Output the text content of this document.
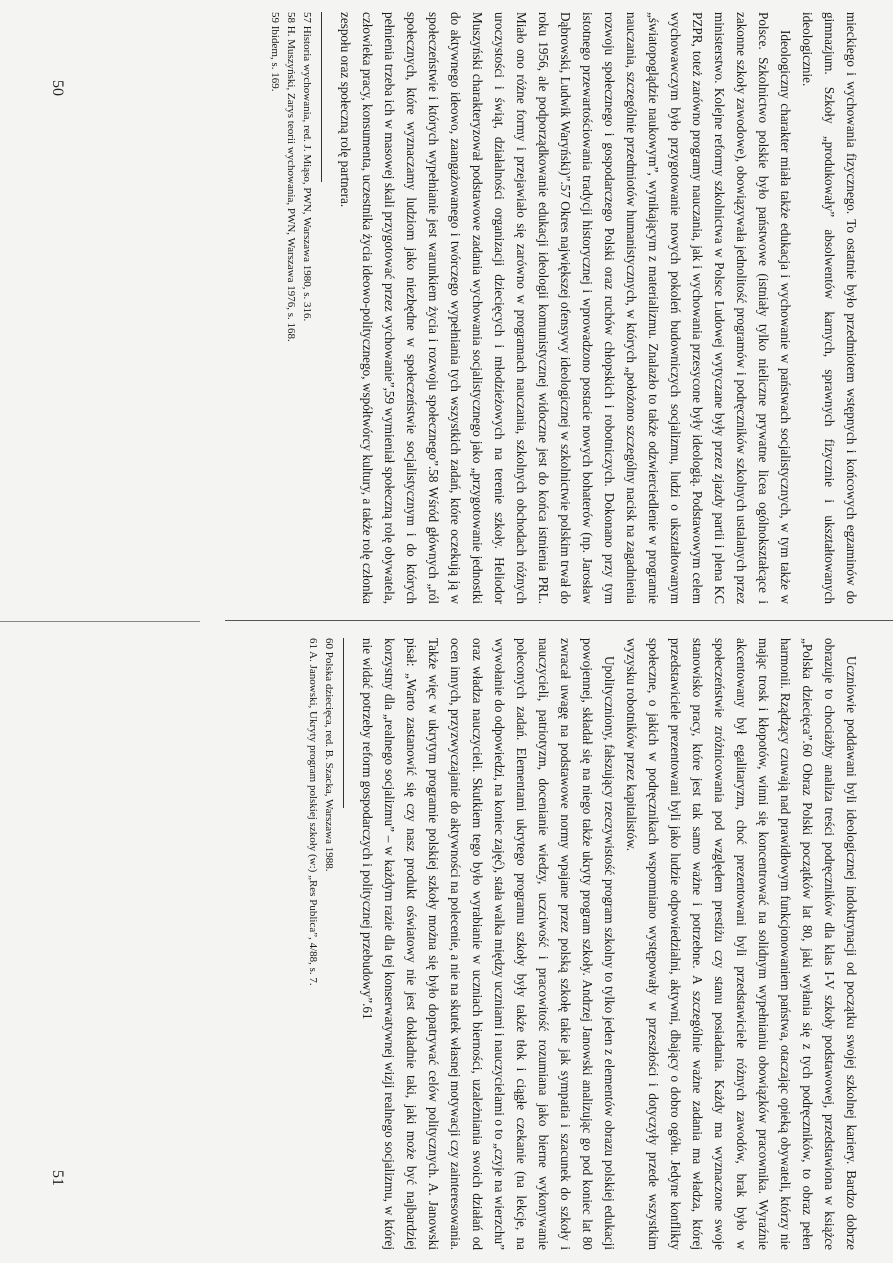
mieckiego i wychowania fizycznego. To ostatnie było przedmiotem wstępnych i końcowych egzaminów do gimnazjum. Szkoły „produkowały” absolwentów karnych, sprawnych fizycznie i ukształtowanych ideologicznie.

Ideologiczny charakter miała także edukacja i wychowanie w państwach socjalistycznych, w tym także w Polsce. Szkolnictwo polskie było państwowe (istniały tylko nieliczne prywatne licea ogólnokształcące i zakonne szkoły zawodowe), obowiązywała jednolitość programów i podręczników szkolnych ustalanych przez ministerstwo. Kolejne reformy szkolnictwa w Polsce Ludowej wytyczane były przez zjazdy partii i plena KC PZPR, toteż zarówno programy nauczania, jak i wychowania przesycone były ideologią. Podstawowym celem wychowawczym było przygotowanie nowych pokoleń budowniczych socjalizmu, ludzi o ukształtowanym „światopoglądzie naukowym”, wynikającym z materializmu. Znalazło to także odzwierciedlenie w programie nauczania, szczególnie przedmiotów humanistycznych, w których „położono szczególny nacisk na zagadnienia rozwoju społecznego i gospodarczego Polski oraz ruchów chłopskich i robotniczych. Dokonano przy tym istotnego przewartościowania tradycji historycznej i wprowadzono postacie nowych bohaterów (np. Jarosław Dąbrowski, Ludwik Waryński)”.57 Okres największej ofensywy ideologicznej w szkolnictwie polskim trwał do roku 1956, ale podporządkowanie edukacji ideologii komunistycznej widoczne jest do końca istnienia PRL. Miało ono różne formy i przejawiało się zarówno w programach nauczania, szkolnych obchodach różnych uroczystości i świąt, działalności organizacji dziecięcych i młodzieżowych na terenie szkoły. Heliodor Muszyński charakteryzował podstawowe zadania wychowania socjalistycznego jako „przygotowanie jednostki do aktywnego ideowo, zaangażowanego i twórczego wypełniania tych wszystkich zadań, które oczekują ją w społeczeństwie i których wypełnianie jest warunkiem życia i rozwoju społecznego”.58 Wśród głównych „ról społecznych, które wyznaczamy ludziom jako niezbędne w społeczeństwie socjalistycznym i do których pełnienia trzeba ich w masowej skali przygotować przez wychowanie”,59 wymieniał społeczną rolę obywatela, człowieka pracy, konsumenta, uczestnika życia ideowo-politycznego, współtwórcy kultury, a także rolę członka zespołu oraz społeczną rolę partnera.

57 Historia wychowania, red. J. Miąso, PWN, Warszawa 1980, s. 316.
58 H. Muszyński, Zarys teorii wychowania, PWN, Warszawa 1976, s. 168.
59 Ibidem, s. 169.
50

Uczniowie poddawani byli ideologicznej indoktrynacji od początku swojej szkolnej kariery. Bardzo dobrze obrazuje to chociażby analiza treści podręczników dla klas I-V szkoły podstawowej, przedstawiona w książce „Polska dziecięca”.60 Obraz Polski początków lat 80, jaki wyłania się z tych podręczników, to obraz pełen harmonii. Rządzący czuwają nad prawidłowym funkcjonowaniem państwa, otaczając opieką obywateli, którzy nie mając trosk i kłopotów, winni się koncentrować na solidnym wypełnianiu obowiązków pracownika. Wyraźnie akcentowany był egalitaryzm, choć prezentowani byli przedstawiciele różnych zawodów, brak było w społeczeństwie zróżnicowania pod względem prestiżu czy stanu posiadania. Każdy ma wyznaczone swoje stanowisko pracy, które jest tak samo ważne i potrzebne. A szczególnie ważne zadania ma władza, której przedstawiciele prezentowani byli jako ludzie odpowiedzialni, aktywni, dbający o dobro ogółu. Jedyne konflikty społeczne, o jakich w podręcznikach wspomniano występowały w przeszłości i dotyczyły przede wszystkim wyzysku robotników przez kapitalistów.

Upolityczniony, fałszujący rzeczywistość program szkolny to tylko jeden z elementów obrazu polskiej edukacji powojennej, składał się na niego także ukryty program szkoły. Andrzej Janowski analizując go pod koniec lat 80 zwracał uwagę na podstawowe normy wpajane przez polską szkołę takie jak sympatia i szacunek do szkoły i nauczycieli, patriotyzm, docenianie wiedzy, uczciwość i pracowitość rozumiana jako bierne wykonywanie poleconych zadań. Elementami ukrytego programu szkoły były także tłok i ciągłe czekanie (na lekcje, na wywołanie do odpowiedzi, na koniec zajęć), stała walka między uczniami i nauczycielami o to „czyje na wierzchu” oraz władza nauczycieli. Skutkiem tego było wyrabianie w uczniach bierności, uzależniania swoich działań od ocen innych, przyzwyczajanie do aktywności na polecenie, a nie na skutek własnej motywacji czy zainteresowania. Także więc w ukrytym programie polskiej szkoły można się było dopatrywać celów politycznych. A. Janowski pisał: „Warto zastanowić się czy nasz produkt oświatowy nie jest dokładnie taki, jaki może być najbardziej korzystny dla „realnego socjalizmu” – w każdym razie dla tej konserwatywnej wizji realnego socjalizmu, w której nie widać potrzeby reform gospodarczych i politycznej przebudowy”.61

60 Polska dziecięca, red. B. Szacka, Warszawa 1988.
61 A. Janowski, Ukryty program polskiej szkoły (w:) „Res Publica”, 4/88, s. 7.
51
